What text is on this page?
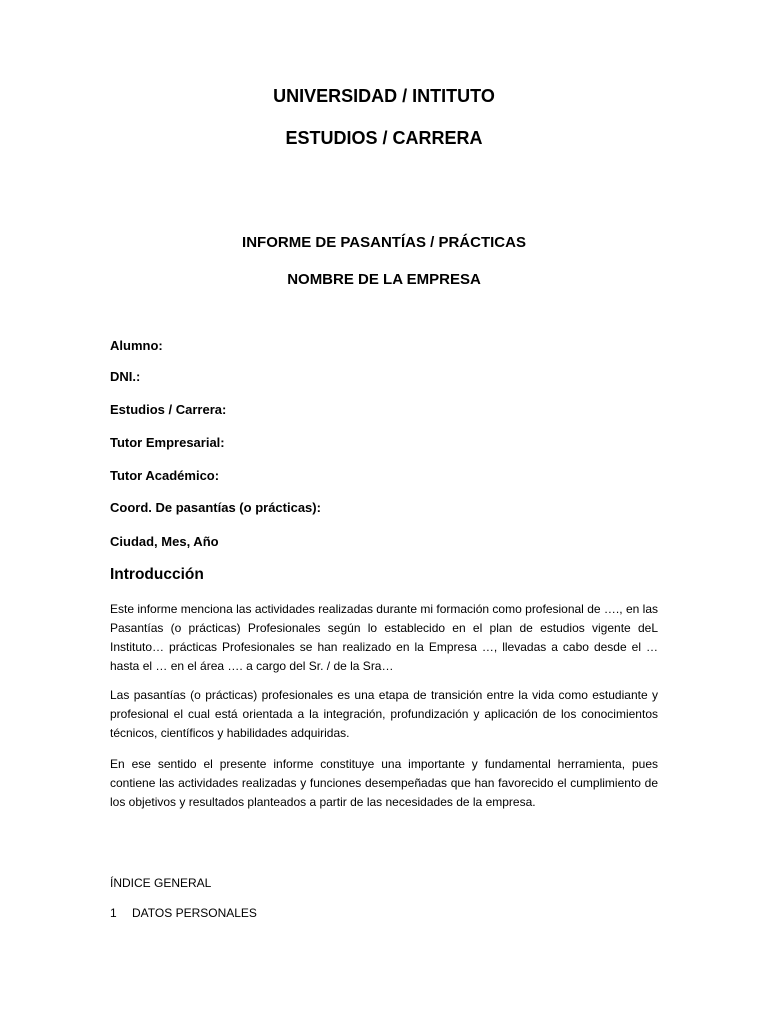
UNIVERSIDAD / INTITUTO
ESTUDIOS / CARRERA
INFORME DE PASANTÍAS / PRÁCTICAS
NOMBRE DE LA EMPRESA
Alumno:
DNI.:
Estudios / Carrera:
Tutor Empresarial:
Tutor Académico:
Coord. De pasantías (o prácticas):
Ciudad, Mes, Año
Introducción

Este informe menciona las actividades realizadas durante mi formación como profesional de …., en las Pasantías (o prácticas) Profesionales según lo establecido en el plan de estudios vigente deL Instituto… prácticas Profesionales se han realizado en la Empresa …, llevadas a cabo desde el … hasta el … en el área …. a cargo del Sr. / de la Sra…

Las pasantías (o prácticas) profesionales es una etapa de transición entre la vida como estudiante y profesional el cual está orientada a la integración, profundización y aplicación de los conocimientos técnicos, científicos y habilidades adquiridas.

En ese sentido el presente informe constituye una importante y fundamental herramienta, pues contiene las actividades realizadas y funciones desempeñadas que han favorecido el cumplimiento de los objetivos y resultados planteados a partir de las necesidades de la empresa.

ÍNDICE GENERAL
1 DATOS PERSONALES
